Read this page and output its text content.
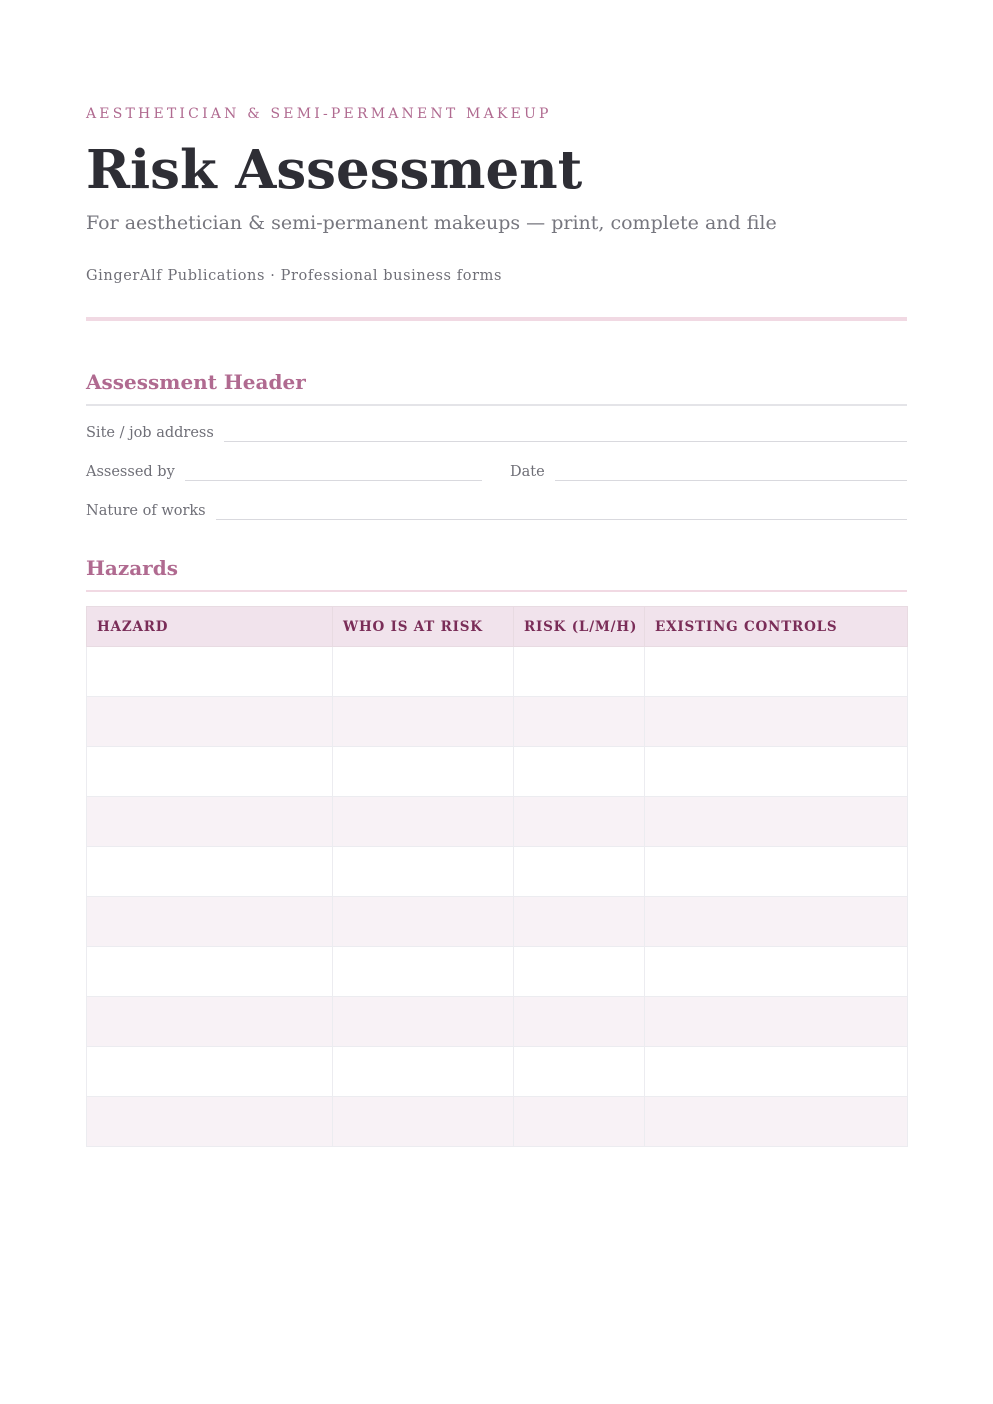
AESTHETICIAN & SEMI-PERMANENT MAKEUP
Risk Assessment
For aesthetician & semi-permanent makeups — print, complete and file
GingerAlf Publications · Professional business forms
Assessment Header
Site / job address
Assessed by	Date
Nature of works
Hazards
HAZARD	WHO IS AT RISK	RISK (L/M/H)	EXISTING CONTROLS
